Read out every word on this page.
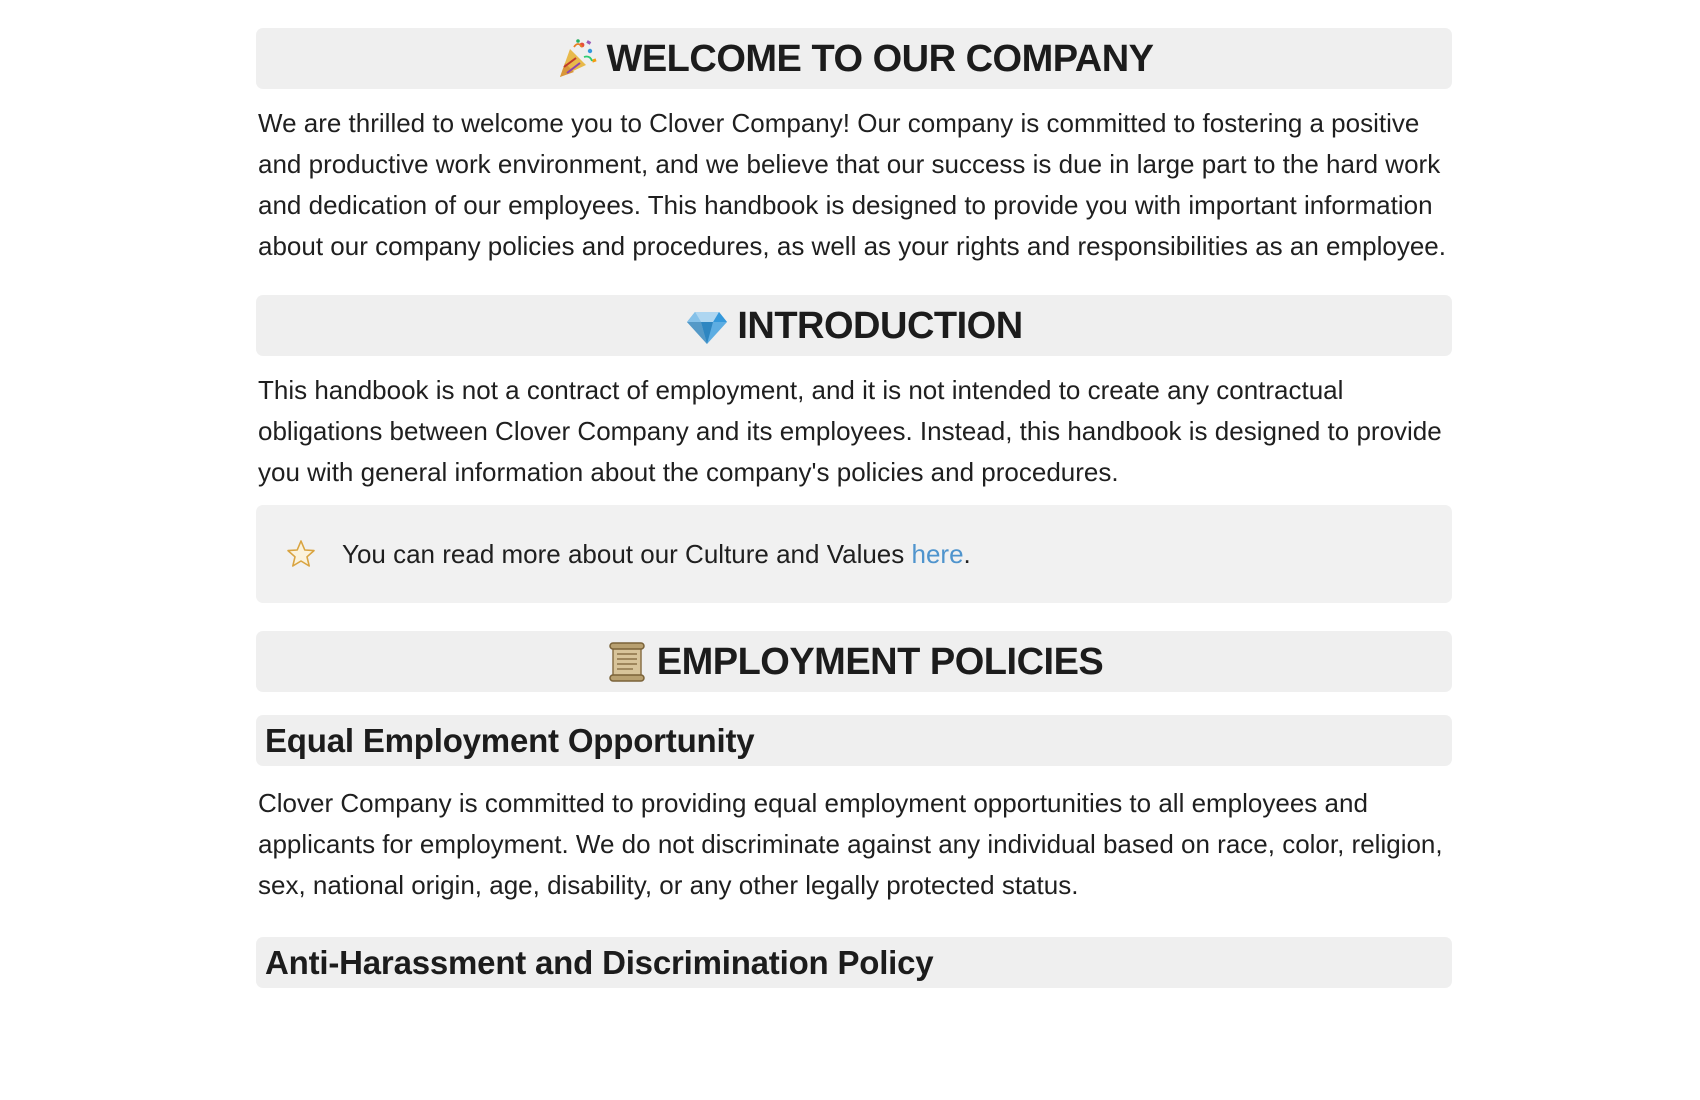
WELCOME TO OUR COMPANY

We are thrilled to welcome you to Clover Company! Our company is committed to fostering a positive and productive work environment, and we believe that our success is due in large part to the hard work and dedication of our employees. This handbook is designed to provide you with important information about our company policies and procedures, as well as your rights and responsibilities as an employee.

INTRODUCTION

This handbook is not a contract of employment, and it is not intended to create any contractual obligations between Clover Company and its employees. Instead, this handbook is designed to provide you with general information about the company's policies and procedures.

You can read more about our Culture and Values here.
EMPLOYMENT POLICIES
Equal Employment Opportunity

Clover Company is committed to providing equal employment opportunities to all employees and applicants for employment. We do not discriminate against any individual based on race, color, religion, sex, national origin, age, disability, or any other legally protected status.

Anti-Harassment and Discrimination Policy
